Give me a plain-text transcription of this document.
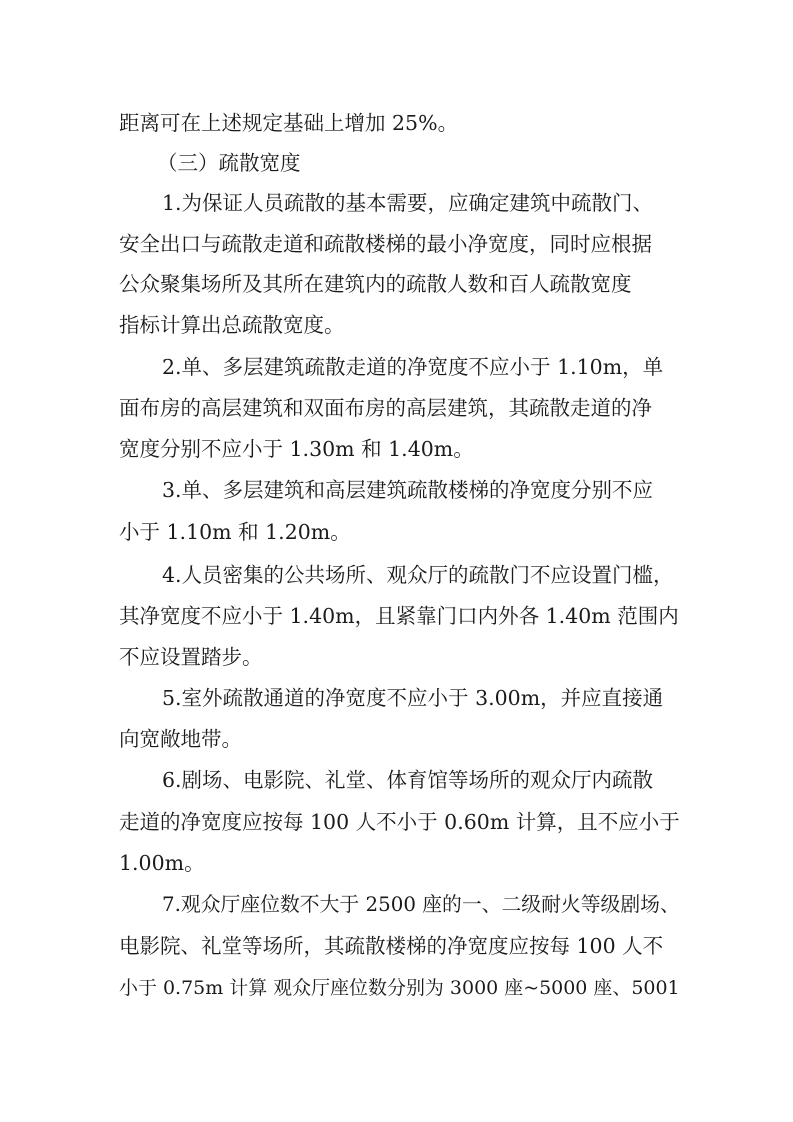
距离可在上述规定基础上增加 25%。
（三）疏散宽度
1.为保证人员疏散的基本需要，应确定建筑中疏散门、
安全出口与疏散走道和疏散楼梯的最小净宽度，同时应根据
公众聚集场所及其所在建筑内的疏散人数和百人疏散宽度
指标计算出总疏散宽度。
2.单、多层建筑疏散走道的净宽度不应小于 1.10m，单
面布房的高层建筑和双面布房的高层建筑，其疏散走道的净
宽度分别不应小于 1.30m 和 1.40m。
3.单、多层建筑和高层建筑疏散楼梯的净宽度分别不应
小于 1.10m 和 1.20m。
4.人员密集的公共场所、观众厅的疏散门不应设置门槛，
其净宽度不应小于 1.40m，且紧靠门口内外各 1.40m 范围内
不应设置踏步。
5.室外疏散通道的净宽度不应小于 3.00m，并应直接通
向宽敞地带。
6.剧场、电影院、礼堂、体育馆等场所的观众厅内疏散
走道的净宽度应按每 100 人不小于 0.60m 计算，且不应小于
1.00m。
7.观众厅座位数不大于 2500 座的一、二级耐火等级剧场、
电影院、礼堂等场所，其疏散楼梯的净宽度应按每 100 人不
小于 0.75m 计算 观众厅座位数分别为 3000 座~5000 座、5001
